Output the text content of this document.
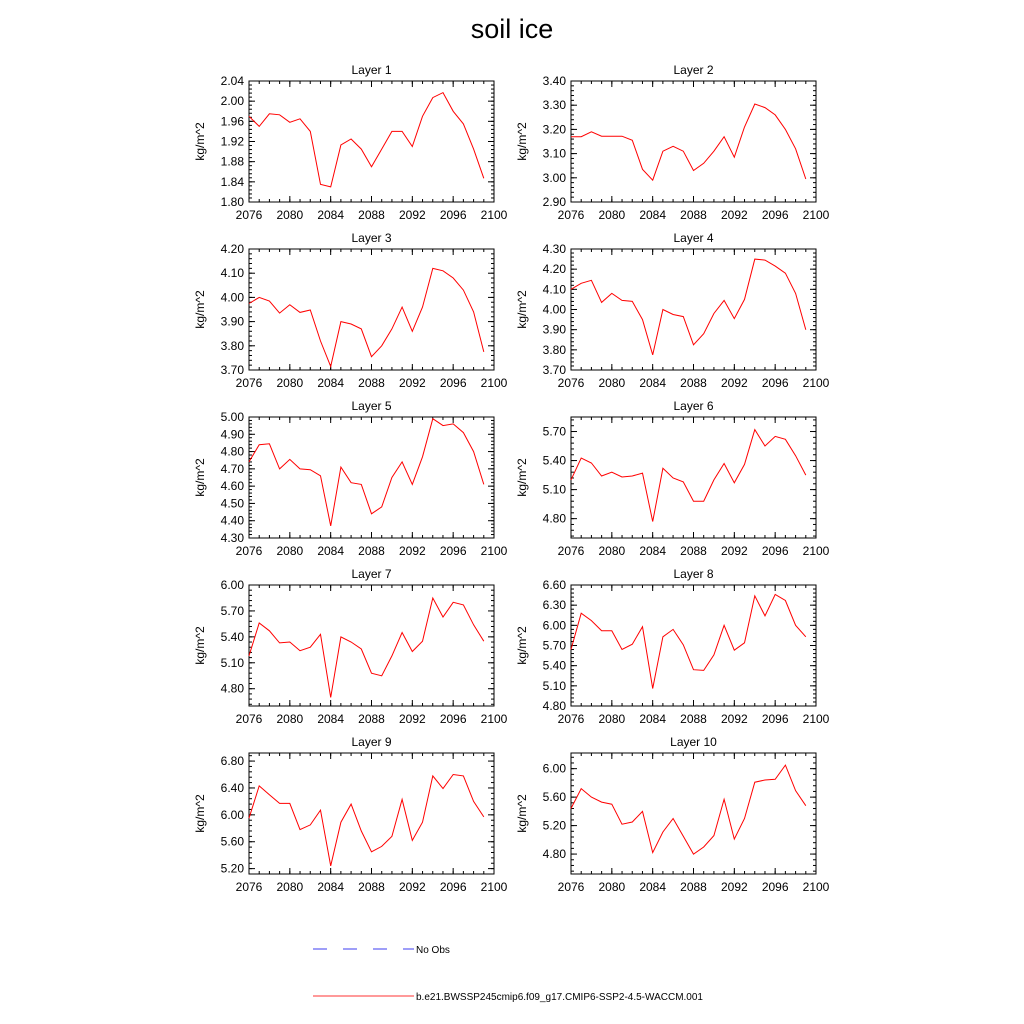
soil ice
2076 2080 2084 2088 2092 2096 2100
1.80
1.84
1.88
1.92
1.96
2.00
2.04
Layer 1
kg/m^2
2076 2080 2084 2088 2092 2096 2100
2.90
3.00
3.10
3.20
3.30
3.40
Layer 2
kg/m^2
2076 2080 2084 2088 2092 2096 2100
3.70
3.80
3.90
4.00
4.10
4.20
Layer 3
kg/m^2
2076 2080 2084 2088 2092 2096 2100
3.70
3.80
3.90
4.00
4.10
4.20
4.30
Layer 4
kg/m^2
2076 2080 2084 2088 2092 2096 2100
4.30
4.40
4.50
4.60
4.70
4.80
4.90
5.00
Layer 5
kg/m^2
2076 2080 2084 2088 2092 2096 2100
4.80
5.10
5.40
5.70
Layer 6
kg/m^2
2076 2080 2084 2088 2092 2096 2100
4.80
5.10
5.40
5.70
6.00
Layer 7
kg/m^2
2076 2080 2084 2088 2092 2096 2100
4.80
5.10
5.40
5.70
6.00
6.30
6.60
Layer 8
kg/m^2
2076 2080 2084 2088 2092 2096 2100
5.20
5.60
6.00
6.40
6.80
Layer 9
kg/m^2
2076 2080 2084 2088 2092 2096 2100
4.80
5.20
5.60
6.00
Layer 10
kg/m^2
No Obs
b.e21.BWSSP245cmip6.f09_g17.CMIP6-SSP2-4.5-WACCM.001
